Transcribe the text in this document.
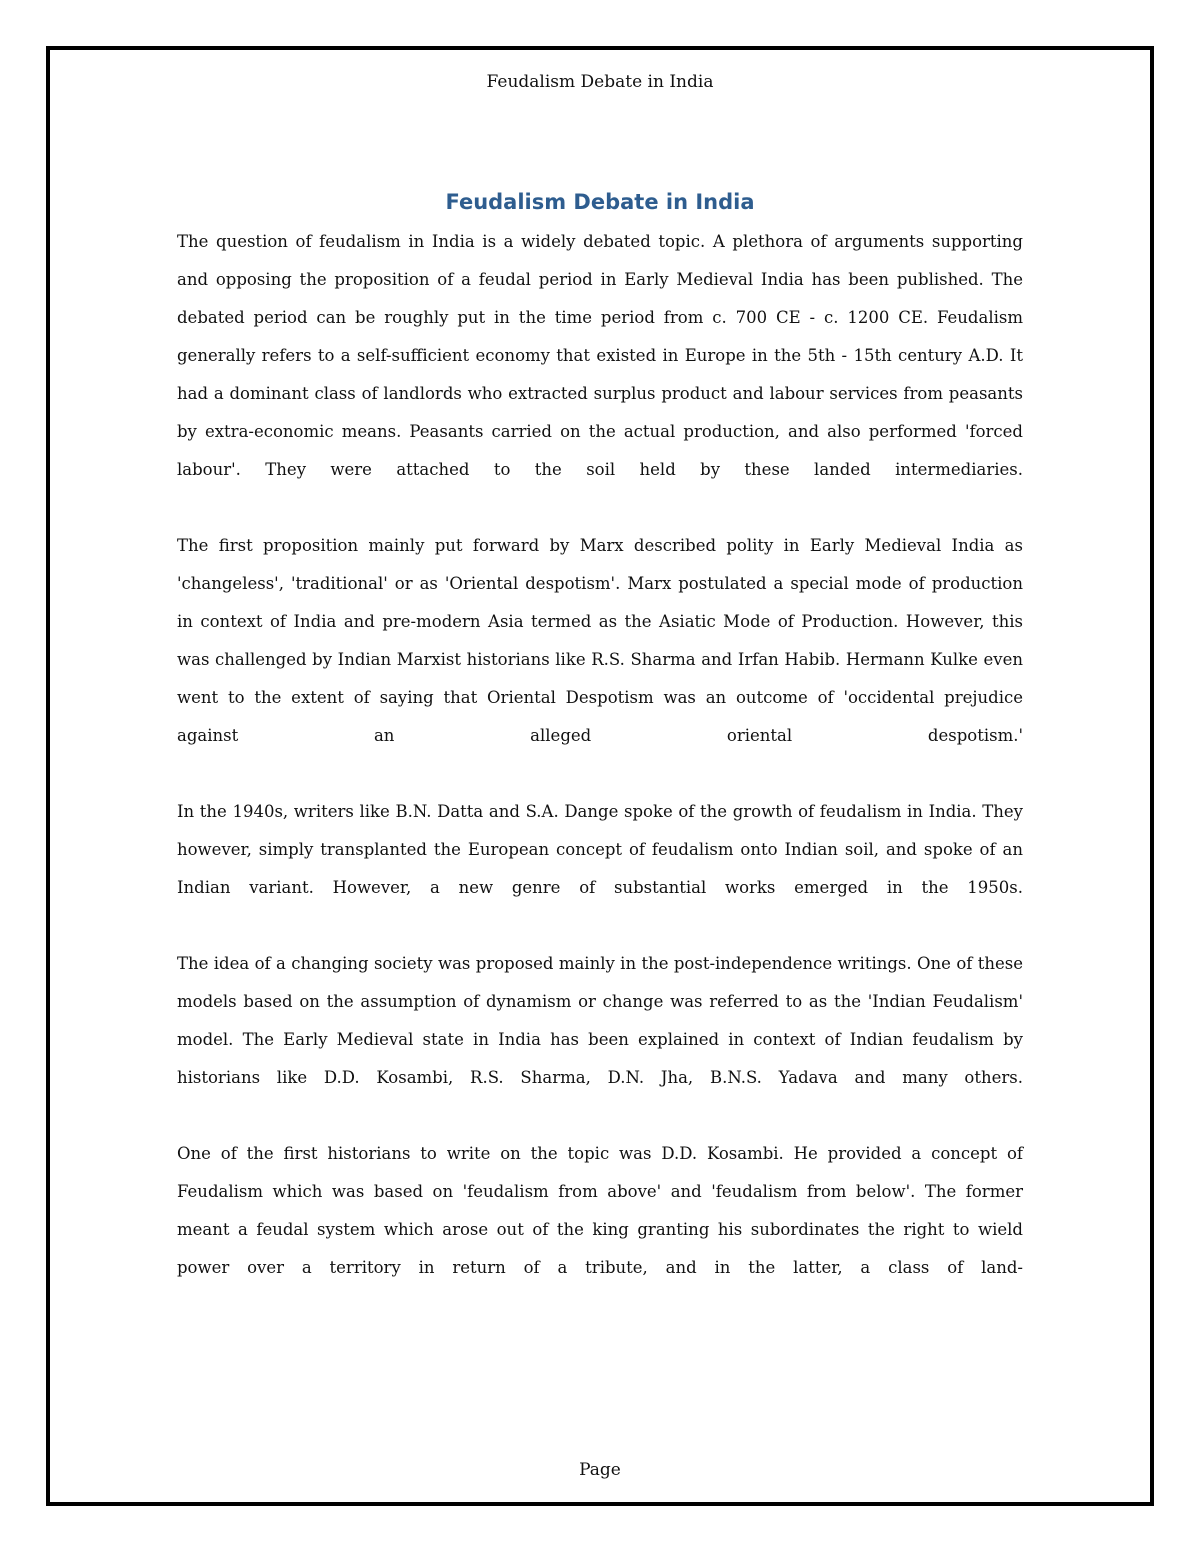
Feudalism Debate in India
Feudalism Debate in India

The question of feudalism in India is a widely debated topic. A plethora of arguments supporting and opposing the proposition of a feudal period in Early Medieval India has been published. The debated period can be roughly put in the time period from c. 700 CE - c. 1200 CE. Feudalism generally refers to a self-sufficient economy that existed in Europe in the 5th - 15th century A.D. It had a dominant class of landlords who extracted surplus product and labour services from peasants by extra-economic means. Peasants carried on the actual production, and also performed 'forced labour'. They were attached to the soil held by these landed intermediaries.

The first proposition mainly put forward by Marx described polity in Early Medieval India as 'changeless', 'traditional' or as 'Oriental despotism'. Marx postulated a special mode of production in context of India and pre-modern Asia termed as the Asiatic Mode of Production. However, this was challenged by Indian Marxist historians like R.S. Sharma and Irfan Habib. Hermann Kulke even went to the extent of saying that Oriental Despotism was an outcome of 'occidental prejudice against an alleged oriental despotism.'

In the 1940s, writers like B.N. Datta and S.A. Dange spoke of the growth of feudalism in India. They however, simply transplanted the European concept of feudalism onto Indian soil, and spoke of an Indian variant. However, a new genre of substantial works emerged in the 1950s.

The idea of a changing society was proposed mainly in the post-independence writings. One of these models based on the assumption of dynamism or change was referred to as the 'Indian Feudalism' model. The Early Medieval state in India has been explained in context of Indian feudalism by historians like D.D. Kosambi, R.S. Sharma, D.N. Jha, B.N.S. Yadava and many others.

One of the first historians to write on the topic was D.D. Kosambi. He provided a concept of Feudalism which was based on 'feudalism from above' and 'feudalism from below'. The former meant a feudal system which arose out of the king granting his subordinates the right to wield power over a territory in return of a tribute, and in the latter, a class of land-

Page
